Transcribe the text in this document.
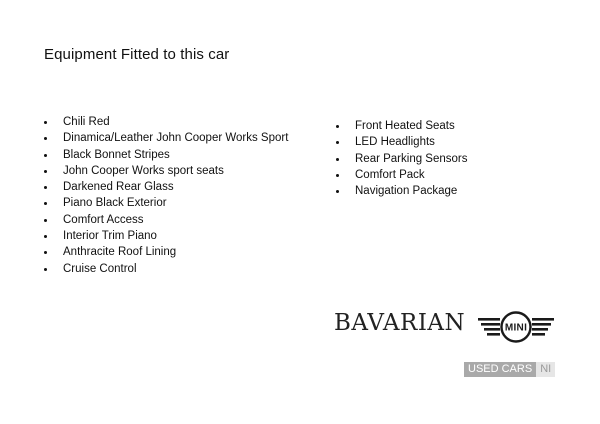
Equipment Fitted to this car
Chili Red
Dinamica/Leather John Cooper Works Sport
Black Bonnet Stripes
John Cooper Works sport seats
Darkened Rear Glass
Piano Black Exterior
Comfort Access
Interior Trim Piano
Anthracite Roof Lining
Cruise Control
Front Heated Seats
LED Headlights
Rear Parking Sensors
Comfort Pack
Navigation Package
BAVARIAN	MINI
USED CARS NI
